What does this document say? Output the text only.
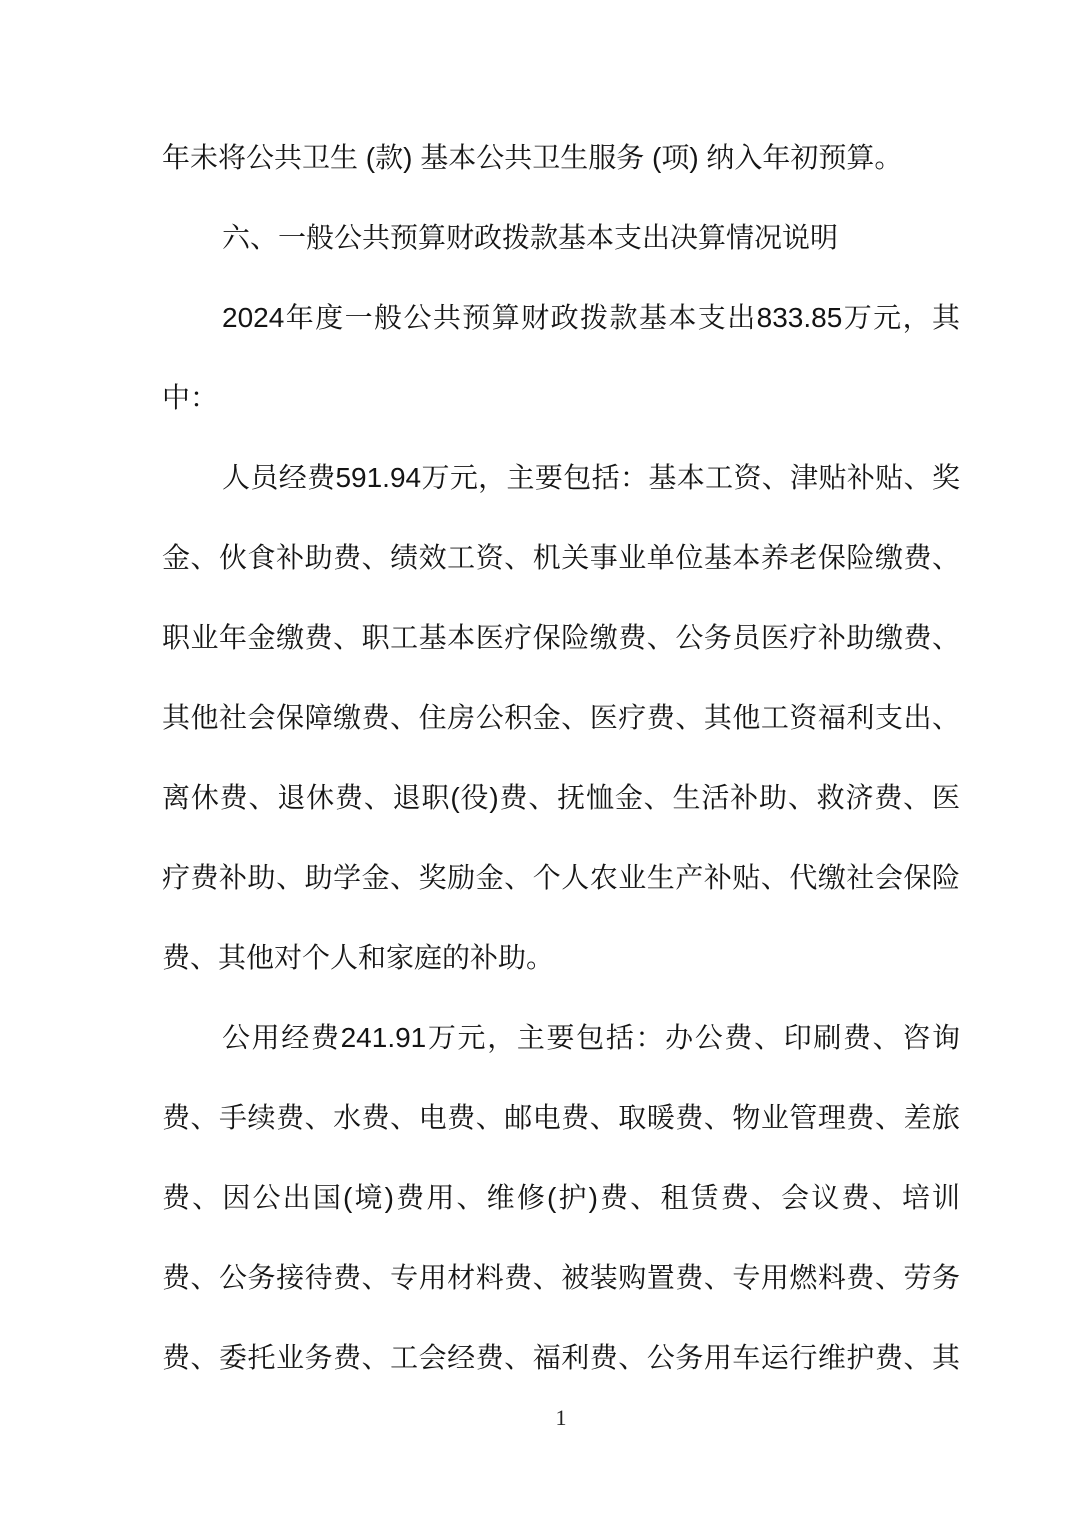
年未将公共卫生 (款) 基本公共卫生服务 (项) 纳入年初预算。
六、一般公共预算财政拨款基本支出决算情况说明
2024年度一般公共预算财政拨款基本支出833.85万元，其
中：
人员经费591.94万元，主要包括：基本工资、津贴补贴、奖
金、伙食补助费、绩效工资、机关事业单位基本养老保险缴费、
职业年金缴费、职工基本医疗保险缴费、公务员医疗补助缴费、
其他社会保障缴费、住房公积金、医疗费、其他工资福利支出、
离休费、退休费、退职(役)费、抚恤金、生活补助、救济费、医
疗费补助、助学金、奖励金、个人农业生产补贴、代缴社会保险
费、其他对个人和家庭的补助。
公用经费241.91万元，主要包括：办公费、印刷费、咨询
费、手续费、水费、电费、邮电费、取暖费、物业管理费、差旅
费、因公出国(境)费用、维修(护)费、租赁费、会议费、培训
费、公务接待费、专用材料费、被装购置费、专用燃料费、劳务
费、委托业务费、工会经费、福利费、公务用车运行维护费、其
1
